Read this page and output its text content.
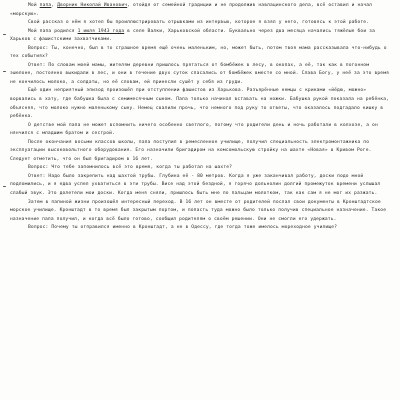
Мой папа, Дворник Николай Иванович, отойдя от семейной традиции и не продолжив навлацинского дела, всё оставил и начал «морскую».

Свой рассказ о нём я хотел бы проиллюстрировать отрывками из интервью, которое я взял у него, готовясь к этой работе.

Мой папа родился 1 июля 1943 года в селе Валки, Харьковской области. Буквально через два месяца начались тяжёлые бои за Харьков с фашистскими захватчиками.

Вопрос: Ты, конечно, был в то страшное время ещё очень маленьким, но, может быть, потом твоя мама рассказывала что-нибудь о тех событиях?

Ответ: По словам моей мамы, жителям деревни пришлось прятаться от бомбёжек в лесу, в окопах, а её, так как в погонном эшелоне, постоянно выкидали в лес, и они в течение двух суток спасались от бомбёжек вместе со мной. Слава Богу, у неё за это время не кончилось молоко, а солдаты, но её словам, ей принесли сушёт у себя из груди.

Ещё один неприятный эпизод произошёл при отступлении фашистов из Харькова. Разъярённые немцы с криками «йёдю, можно» ворвались в хату, где бабушка была с семимесячным сыном. Папа только начинал вставать на ножки. Бабушка рукой показала на ребёнка, объясняя, что молоко нужно маленькому сыну. Немец свалили прочь, что немного под руку то ответы, что оказалось подгадало кишку в ребёнка.

О детстве мой папа не может вспомнить ничего особенно светлого, потому что родители день и ночь работали в колхозе, а он нянчился с младшим братом и сестрой.

После окончания восьми классов школы, папа поступил в ремесленное училище, получил специальность электромонтажника по эксплуатации высоковольтного оборудования. Его назначили бригадиром на комсомольскую стройку на шахте «Новая» в Кривом Роге. Следует отметить, что он был бригадиром в 16 лет.

Вопрос: Что тебе запомнилось всё это время, когда ты работал на шахте?

Ответ: Надо было закрепить над шахтой трубы. Глубина её - 80 метров. Когда я уже заканчивал работу, доски подо мной подломились, и я едва успел ухватиться в эти трубы. Висе над этой бездной, я горячо дольнолин долгий промежуток времени услышал слабый звук. Это долетели мои доски. Когда меня сняли, пришлось быть мне по пальцам молотком, так как сам я не мог их разжать.

Затем в папиной жизни произошёл интересный переход. В 16 лет он вместе от родителей послал свои документы в Кронштадтское морское училище. Кронштадт в то время был закрытым портом, и попасть туда можно было только получив специальное назначение. Такое назначение папа получил, и когда всё было готово, сообщил родителям о своём решении. Они не смогли его удержать.

Вопрос: Почему ты отправился именно в Кронштадт, а не в Одессу, где тогда тоже имелось мореходное училище?
